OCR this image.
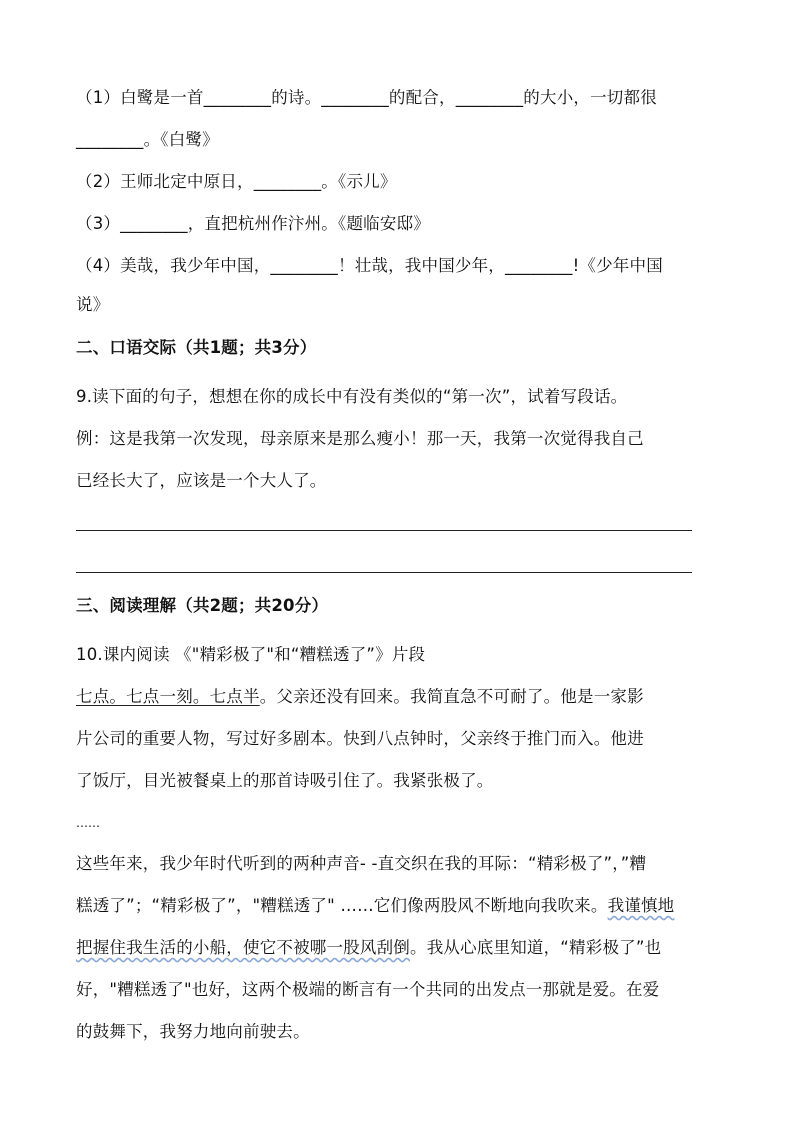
（1）白鹭是一首________的诗。________的配合，________的大小，一切都很
________。《白鹭》
（2）王师北定中原日，________。《示儿》
（3）________，直把杭州作汴州。《题临安邸》
（4）美哉，我少年中国，________！壮哉，我中国少年，________!《少年中国
说》
二、口语交际（共1题；共3分）
9.读下面的句子，想想在你的成长中有没有类似的“第一次”，试着写段话。
例：这是我第一次发现，母亲原来是那么瘦小！那一天，我第一次觉得我自己
已经长大了，应该是一个大人了。
三、阅读理解（共2题；共20分）
10.课内阅读 《"精彩极了"和“糟糕透了”》片段
七点。七点一刻。七点半。父亲还没有回来。我简直急不可耐了。他是一家影
片公司的重要人物，写过好多剧本。快到八点钟时，父亲终于推门而入。他进
了饭厅，目光被餐桌上的那首诗吸引住了。我紧张极了。
……
这些年来，我少年时代听到的两种声音- -直交织在我的耳际：“精彩极了”，”糟
糕透了”；“精彩极了”，"糟糕透了" ……它们像两股风不断地向我吹来。我谨慎地
把握住我生活的小船，使它不被哪一股风刮倒。我从心底里知道，“精彩极了”也
好，"糟糕透了"也好，这两个极端的断言有一个共同的出发点一那就是爱。在爱
的鼓舞下，我努力地向前驶去。
